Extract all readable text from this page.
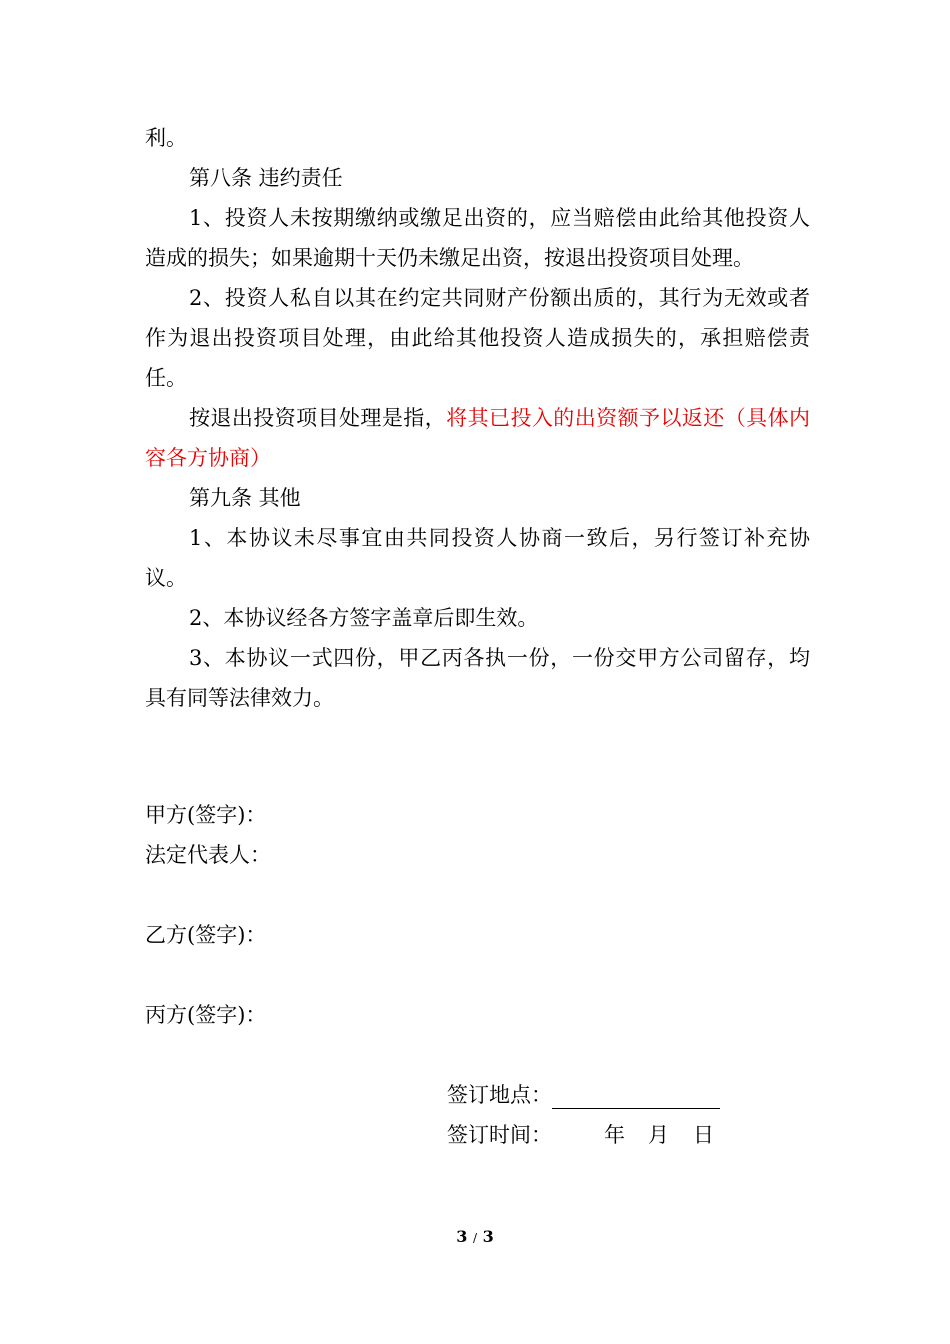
利。

第八条 违约责任

1、投资人未按期缴纳或缴足出资的，应当赔偿由此给其他投资人造成的损失；如果逾期十天仍未缴足出资，按退出投资项目处理。

2、投资人私自以其在约定共同财产份额出质的，其行为无效或者作为退出投资项目处理，由此给其他投资人造成损失的，承担赔偿责任。

按退出投资项目处理是指，将其已投入的出资额予以返还（具体内容各方协商）

第九条 其他

1、本协议未尽事宜由共同投资人协商一致后，另行签订补充协议。

2、本协议经各方签字盖章后即生效。

3、本协议一式四份，甲乙丙各执一份，一份交甲方公司留存，均具有同等法律效力。

甲方(签字)：
法定代表人：
乙方(签字)：
丙方(签字)：
签订地点：
签订时间： 年 月 日
3 / 3
